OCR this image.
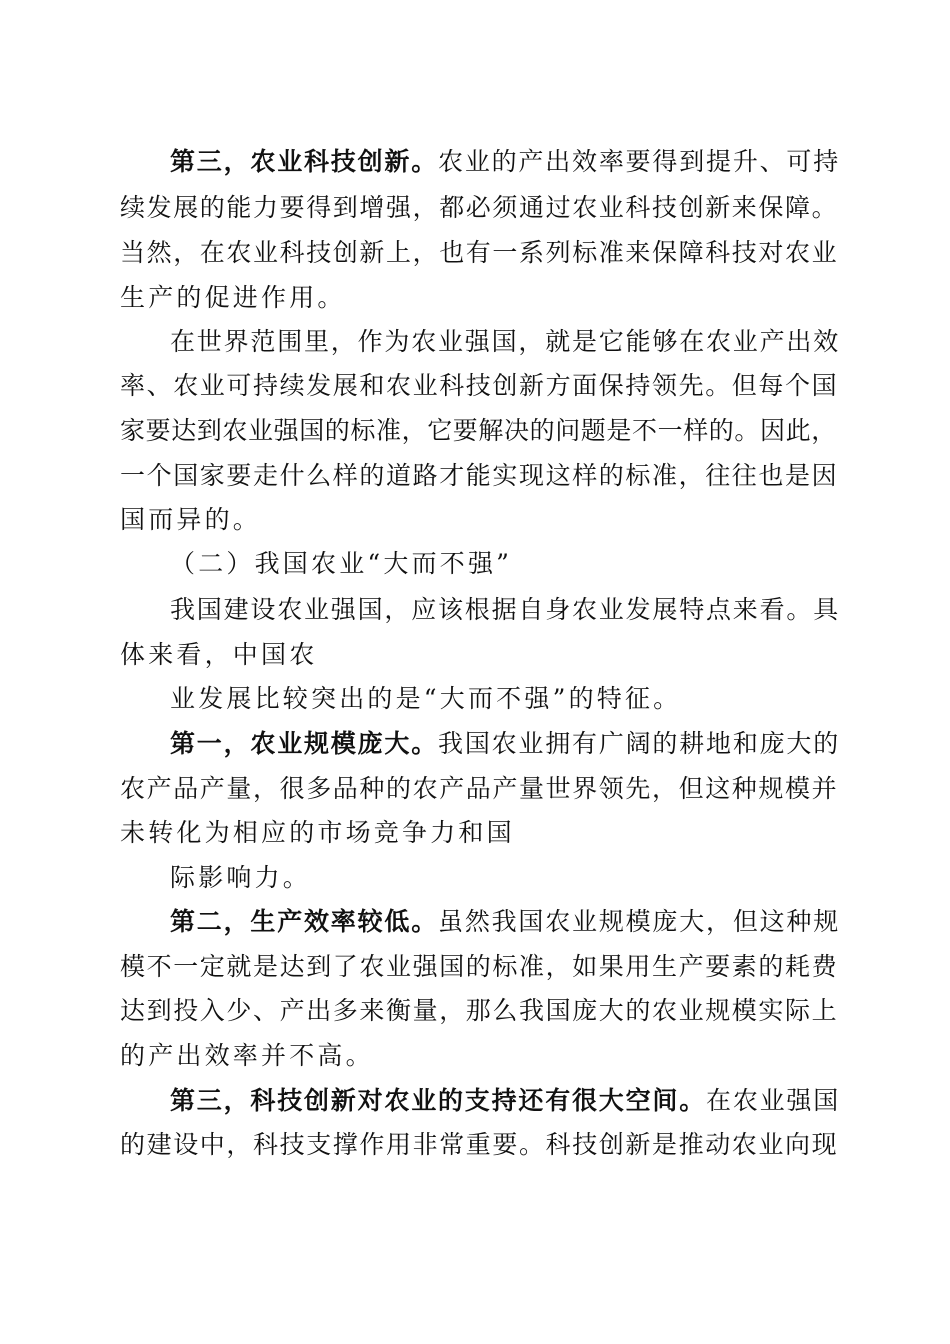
第三，农业科技创新。农业的产出效率要得到提升、可持
续发展的能力要得到增强，都必须通过农业科技创新来保障。
当然，在农业科技创新上，也有一系列标准来保障科技对农业
生产的促进作用。
在世界范围里，作为农业强国，就是它能够在农业产出效
率、农业可持续发展和农业科技创新方面保持领先。但每个国
家要达到农业强国的标准，它要解决的问题是不一样的。因此，
一个国家要走什么样的道路才能实现这样的标准，往往也是因
国而异的。
（二）我国农业“大而不强”
我国建设农业强国，应该根据自身农业发展特点来看。具
体来看，中国农
业发展比较突出的是“大而不强”的特征。
第一，农业规模庞大。我国农业拥有广阔的耕地和庞大的
农产品产量，很多品种的农产品产量世界领先，但这种规模并
未转化为相应的市场竞争力和国
际影响力。
第二，生产效率较低。虽然我国农业规模庞大，但这种规
模不一定就是达到了农业强国的标准，如果用生产要素的耗费
达到投入少、产出多来衡量，那么我国庞大的农业规模实际上
的产出效率并不高。
第三，科技创新对农业的支持还有很大空间。在农业强国
的建设中，科技支撑作用非常重要。科技创新是推动农业向现
